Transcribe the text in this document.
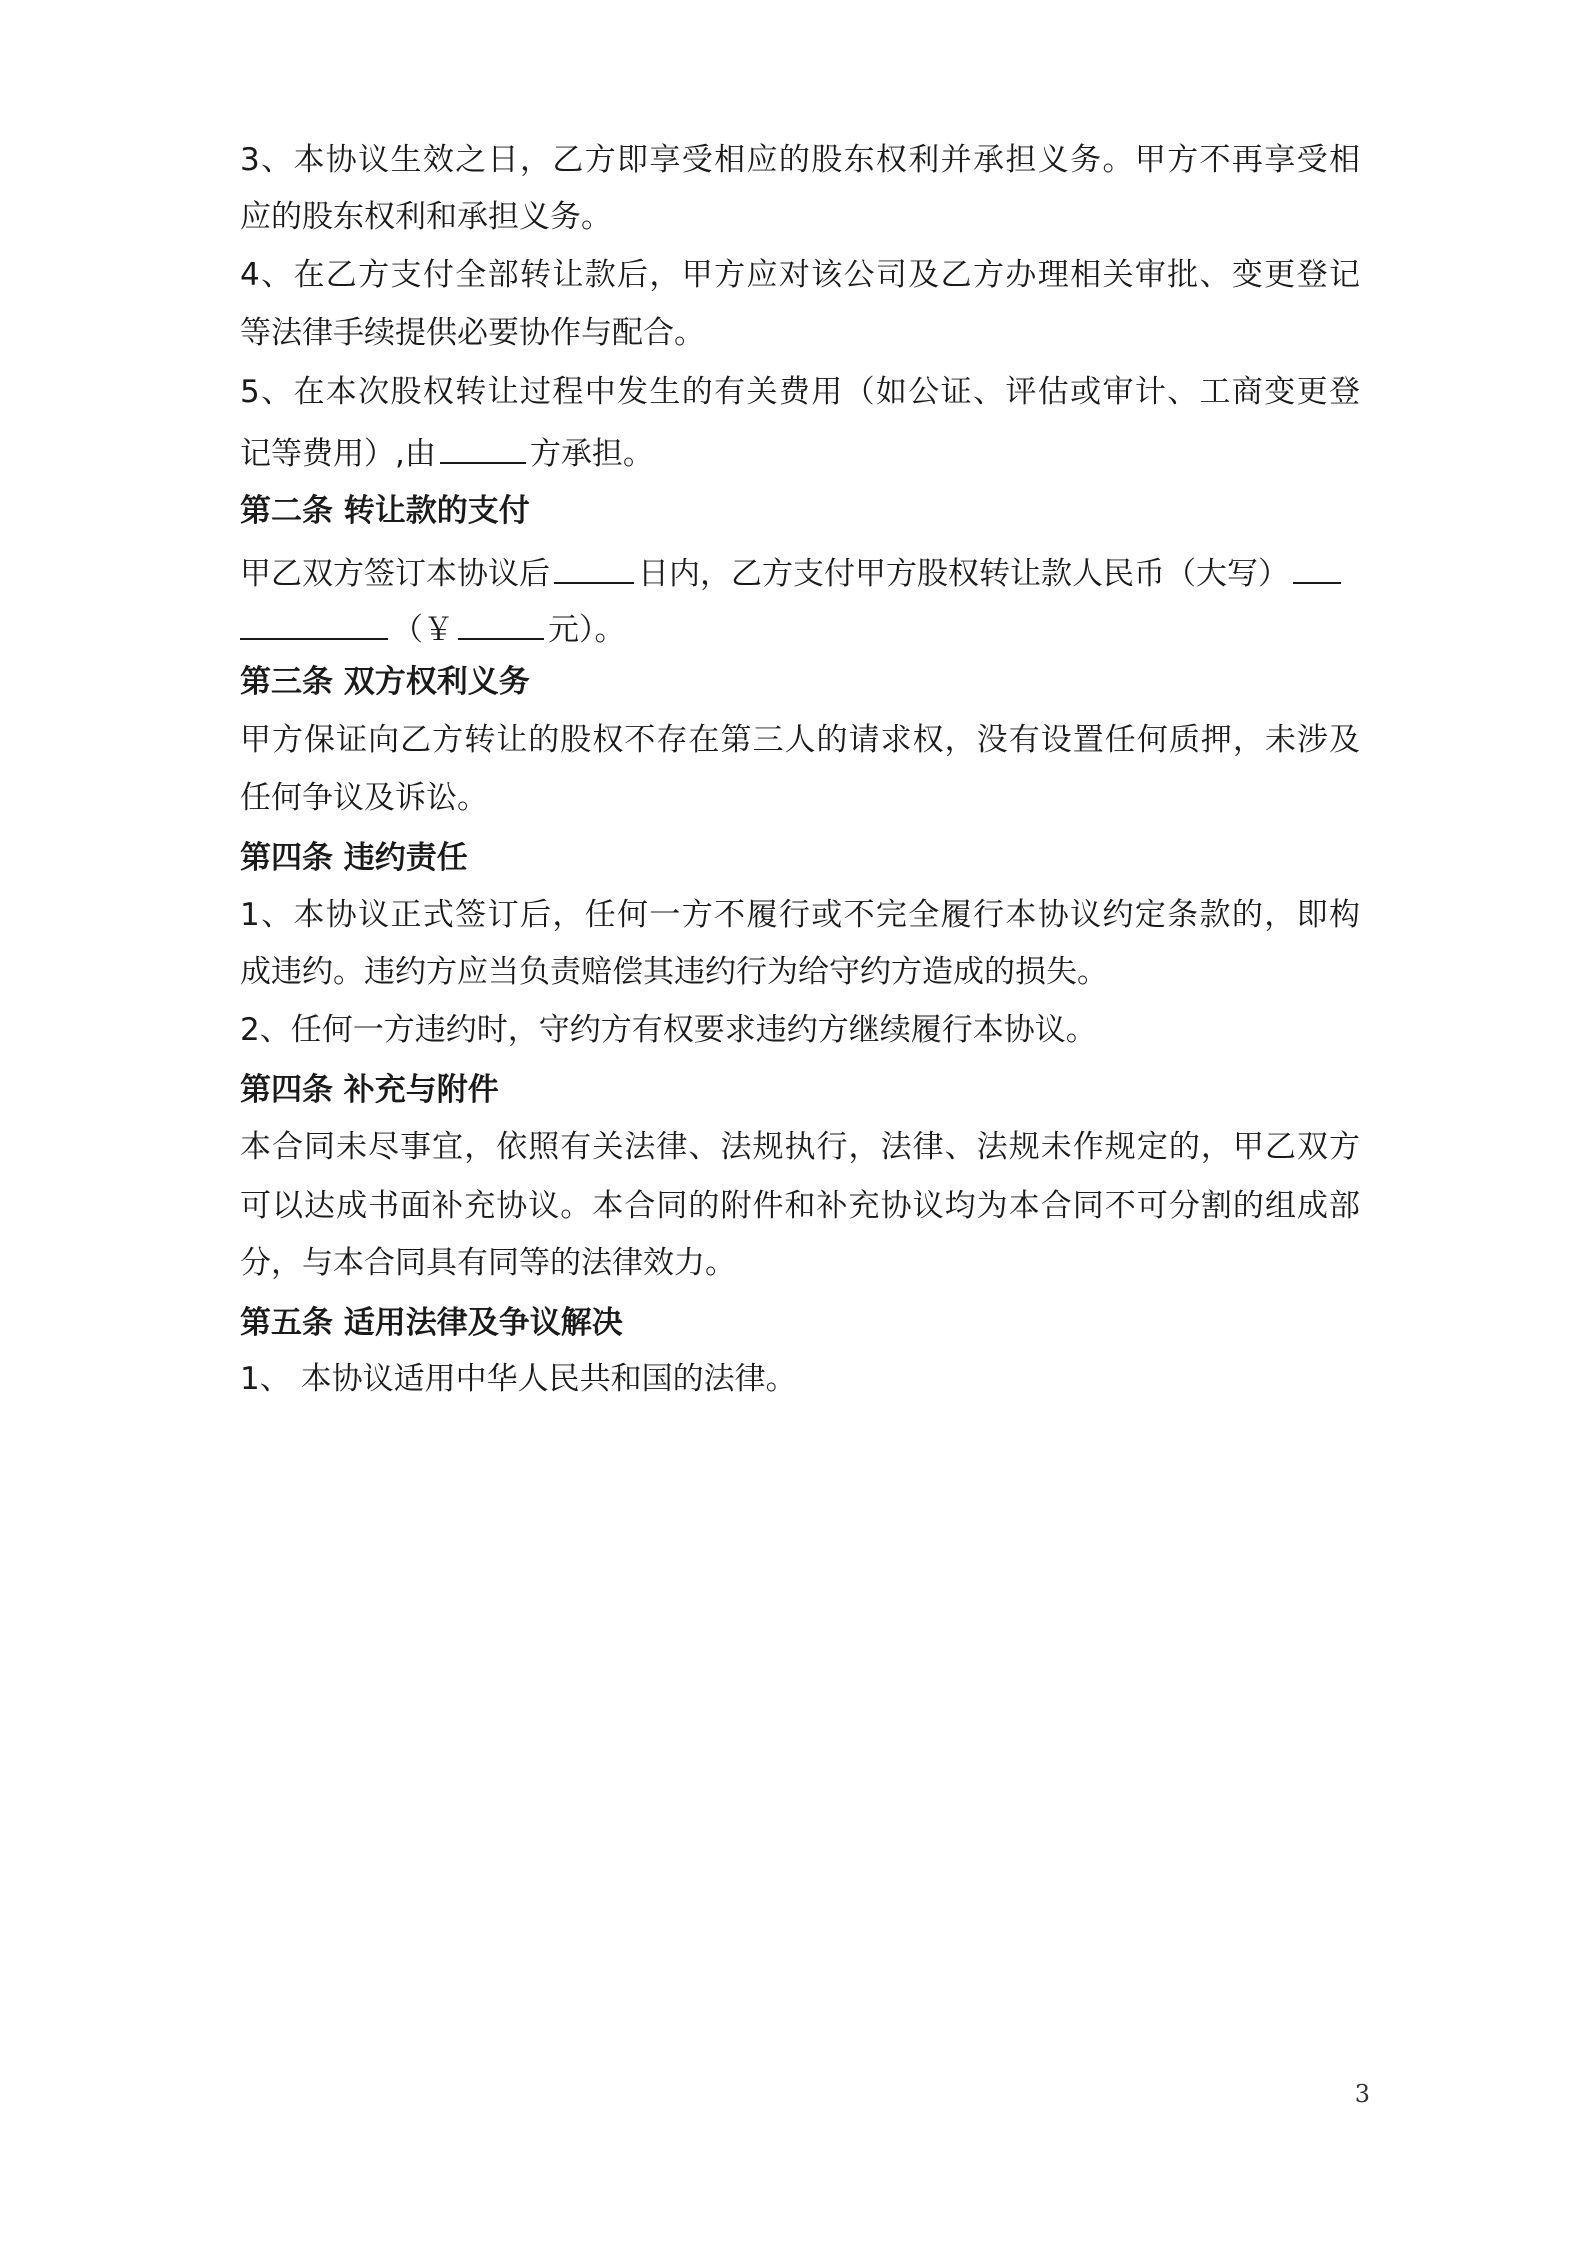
3、本协议生效之日，乙方即享受相应的股东权利并承担义务。甲方不再享受相
应的股东权利和承担义务。
4、在乙方支付全部转让款后，甲方应对该公司及乙方办理相关审批、变更登记
等法律手续提供必要协作与配合。
5、在本次股权转让过程中发生的有关费用（如公证、评估或审计、工商变更登
记等费用）,由	方承担。
第二条 转让款的支付
甲乙双方签订本协议后	日内，乙方支付甲方股权转让款人民币（大写）
（￥	元）。
第三条 双方权利义务
甲方保证向乙方转让的股权不存在第三人的请求权，没有设置任何质押，未涉及
任何争议及诉讼。
第四条 违约责任
1、本协议正式签订后，任何一方不履行或不完全履行本协议约定条款的，即构
成违约。违约方应当负责赔偿其违约行为给守约方造成的损失。
2、任何一方违约时，守约方有权要求违约方继续履行本协议。
第四条 补充与附件
本合同未尽事宜，依照有关法律、法规执行，法律、法规未作规定的，甲乙双方
可以达成书面补充协议。本合同的附件和补充协议均为本合同不可分割的组成部
分，与本合同具有同等的法律效力。
第五条 适用法律及争议解决
1、 本协议适用中华人民共和国的法律。
3
